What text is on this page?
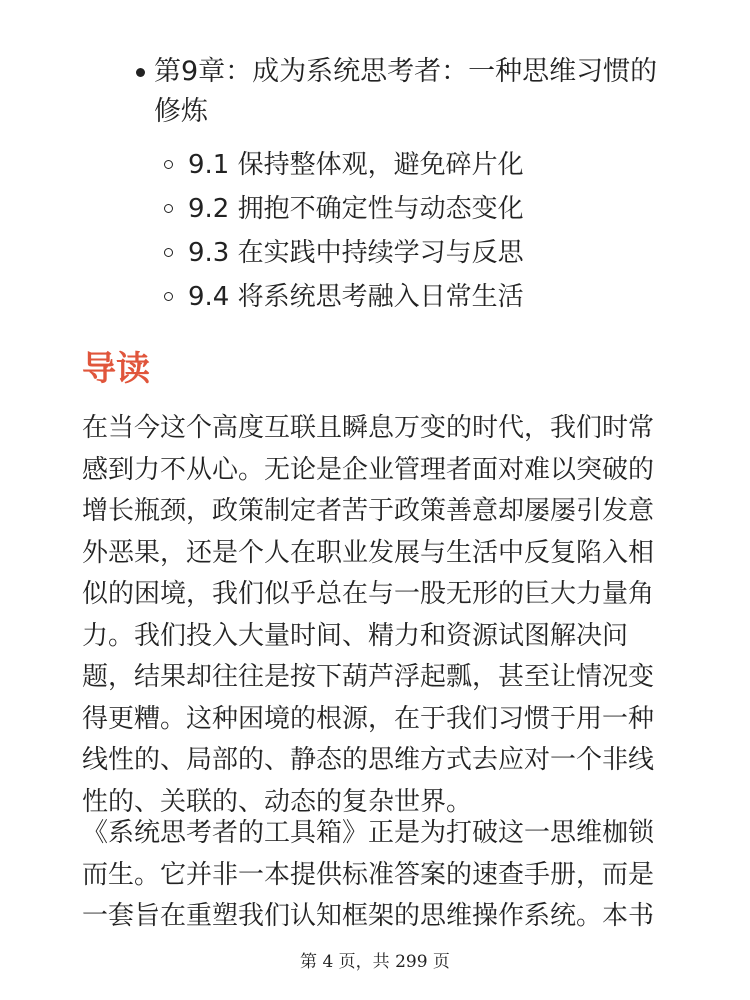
第9章：成为系统思考者：一种思维习惯的修炼
9.1 保持整体观，避免碎片化
9.2 拥抱不确定性与动态变化
9.3 在实践中持续学习与反思
9.4 将系统思考融入日常生活
导读

在当今这个高度互联且瞬息万变的时代，我们时常
感到力不从心。无论是企业管理者面对难以突破的
增长瓶颈，政策制定者苦于政策善意却屡屡引发意
外恶果，还是个人在职业发展与生活中反复陷入相
似的困境，我们似乎总在与一股无形的巨大力量角
力。我们投入大量时间、精力和资源试图解决问
题，结果却往往是按下葫芦浮起瓢，甚至让情况变
得更糟。这种困境的根源，在于我们习惯于用一种
线性的、局部的、静态的思维方式去应对一个非线
性的、关联的、动态的复杂世界。

《系统思考者的工具箱》正是为打破这一思维枷锁
而生。它并非一本提供标准答案的速查手册，而是
一套旨在重塑我们认知框架的思维操作系统。本书

第 4 页，共 299 页
